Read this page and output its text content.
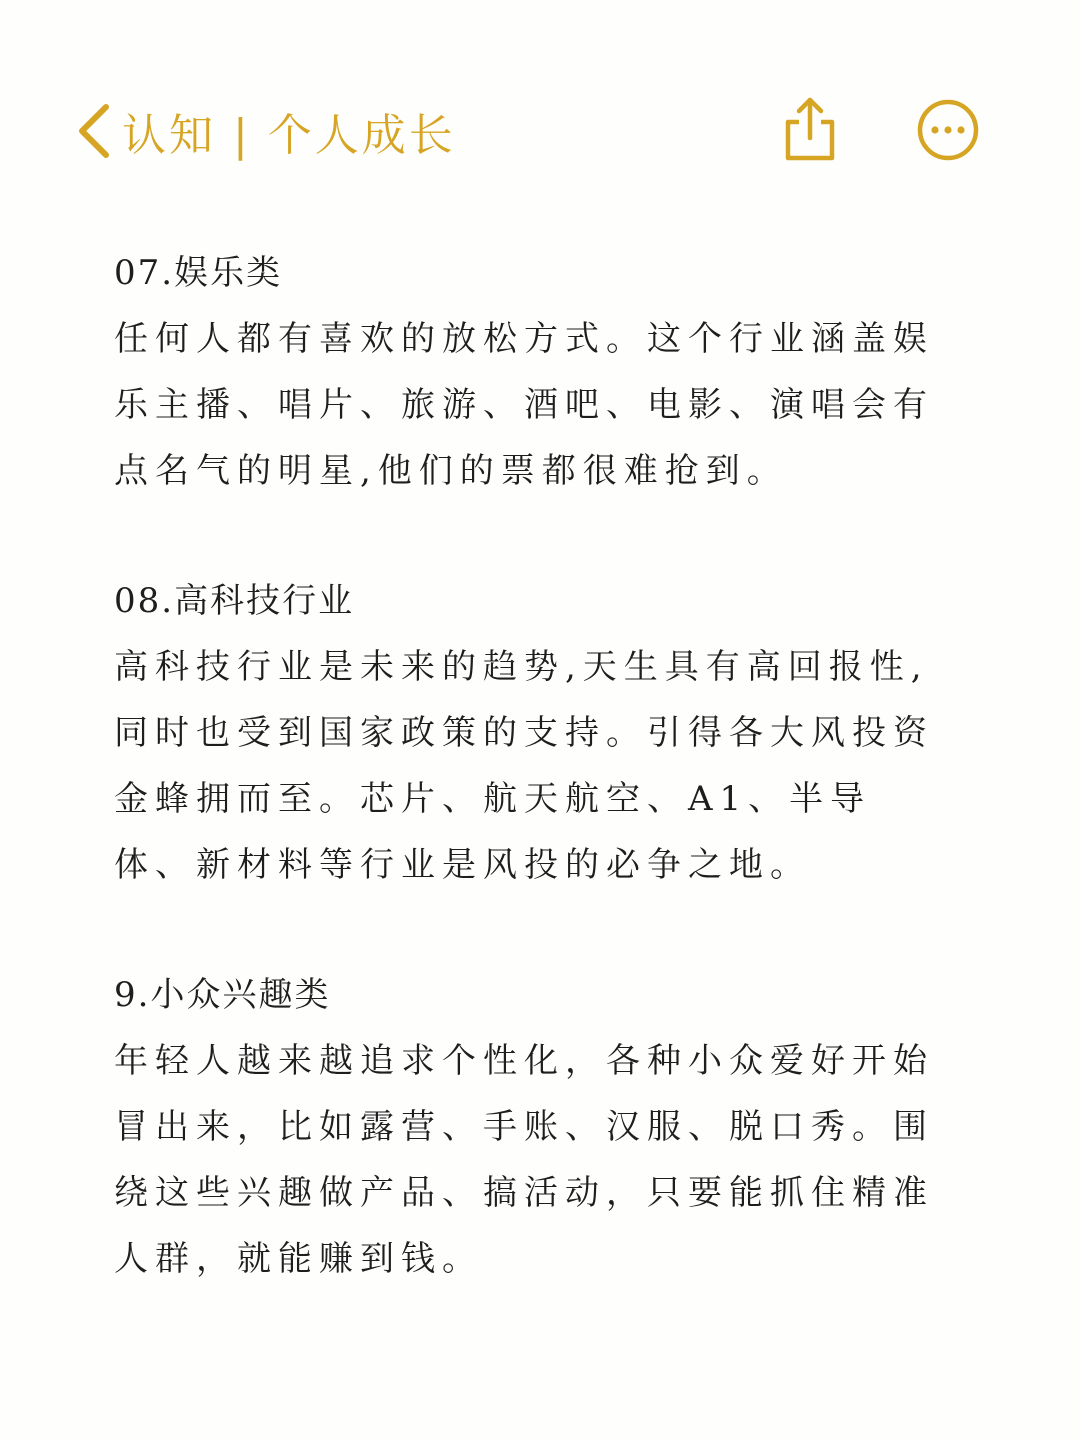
认知 | 个人成长
07.娱乐类

任何人都有喜欢的放松方式。这个行业涵盖娱乐主播、唱片、旅游、酒吧、电影、演唱会有点名气的明星,他们的票都很难抢到。

08.高科技行业

高科技行业是未来的趋势,天生具有高回报性,同时也受到国家政策的支持。引得各大风投资金蜂拥而至。芯片、航天航空、A1、半导体、新材料等行业是风投的必争之地。

9.小众兴趣类

年轻人越来越追求个性化，各种小众爱好开始冒出来，比如露营、手账、汉服、脱口秀。围绕这些兴趣做产品、搞活动，只要能抓住精准人群，就能赚到钱。
